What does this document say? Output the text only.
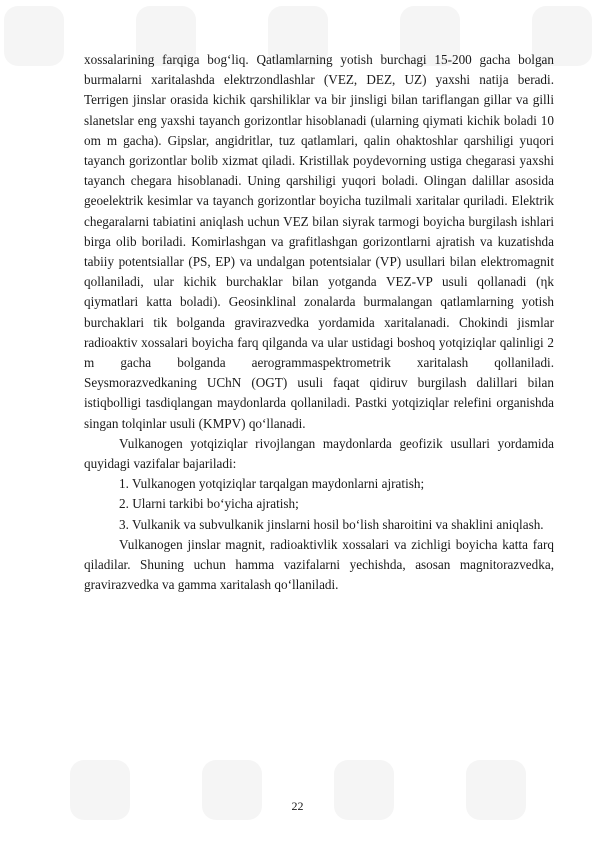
xossalarining farqiga bog‘liq. Qatlamlarning yotish burchagi 15-200 gacha bolgan burmalarni xaritalashda elektrzondlashlar (VEZ, DEZ, UZ) yaxshi natija beradi. Terrigen jinslar orasida kichik qarshiliklar va bir jinsligi bilan tariflangan gillar va gilli slanetslar eng yaxshi tayanch gorizontlar hisoblanadi (ularning qiymati kichik boladi 10 om m gacha). Gipslar, angidritlar, tuz qatlamlari, qalin ohaktoshlar qarshiligi yuqori tayanch gorizontlar bolib xizmat qiladi. Kristillak poydevorning ustiga chegarasi yaxshi tayanch chegara hisoblanadi. Uning qarshiligi yuqori boladi. Olingan dalillar asosida geoelektrik kesimlar va tayanch gorizontlar boyicha tuzilmali xaritalar quriladi. Elektrik chegaralarni tabiatini aniqlash uchun VEZ bilan siyrak tarmogi boyicha burgilash ishlari birga olib boriladi. Komirlashgan va grafitlashgan gorizontlarni ajratish va kuzatishda tabiiy potentsiallar (PS, EP) va undalgan potentsialar (VP) usullari bilan elektromagnit qollaniladi, ular kichik burchaklar bilan yotganda VEZ-VP usuli qollanadi (ηk qiymatlari katta boladi). Geosinklinal zonalarda burmalangan qatlamlarning yotish burchaklari tik bolganda gravirazvedka yordamida xaritalanadi. Chokindi jismlar radioaktiv xossalari boyicha farq qilganda va ular ustidagi boshoq yotqiziqlar qalinligi 2 m gacha bolganda aerogrammaspektrometrik xaritalash qollaniladi. Seysmorazvedkaning UChN (OGT) usuli faqat qidiruv burgilash dalillari bilan istiqbolligi tasdiqlangan maydonlarda qollaniladi. Pastki yotqiziqlar relefini organishda singan tolqinlar usuli (KMPV) qo‘llanadi.

Vulkanogen yotqiziqlar rivojlangan maydonlarda geofizik usullari yordamida quyidagi vazifalar bajariladi:

1. Vulkanogen yotqiziqlar tarqalgan maydonlarni ajratish;

2. Ularni tarkibi bo‘yicha ajratish;

3. Vulkanik va subvulkanik jinslarni hosil bo‘lish sharoitini va shaklini aniqlash.

Vulkanogen jinslar magnit, radioaktivlik xossalari va zichligi boyicha katta farq qiladilar. Shuning uchun hamma vazifalarni yechishda, asosan magnitorazvedka, gravirazvedka va gamma xaritalash qo‘llaniladi.

22
